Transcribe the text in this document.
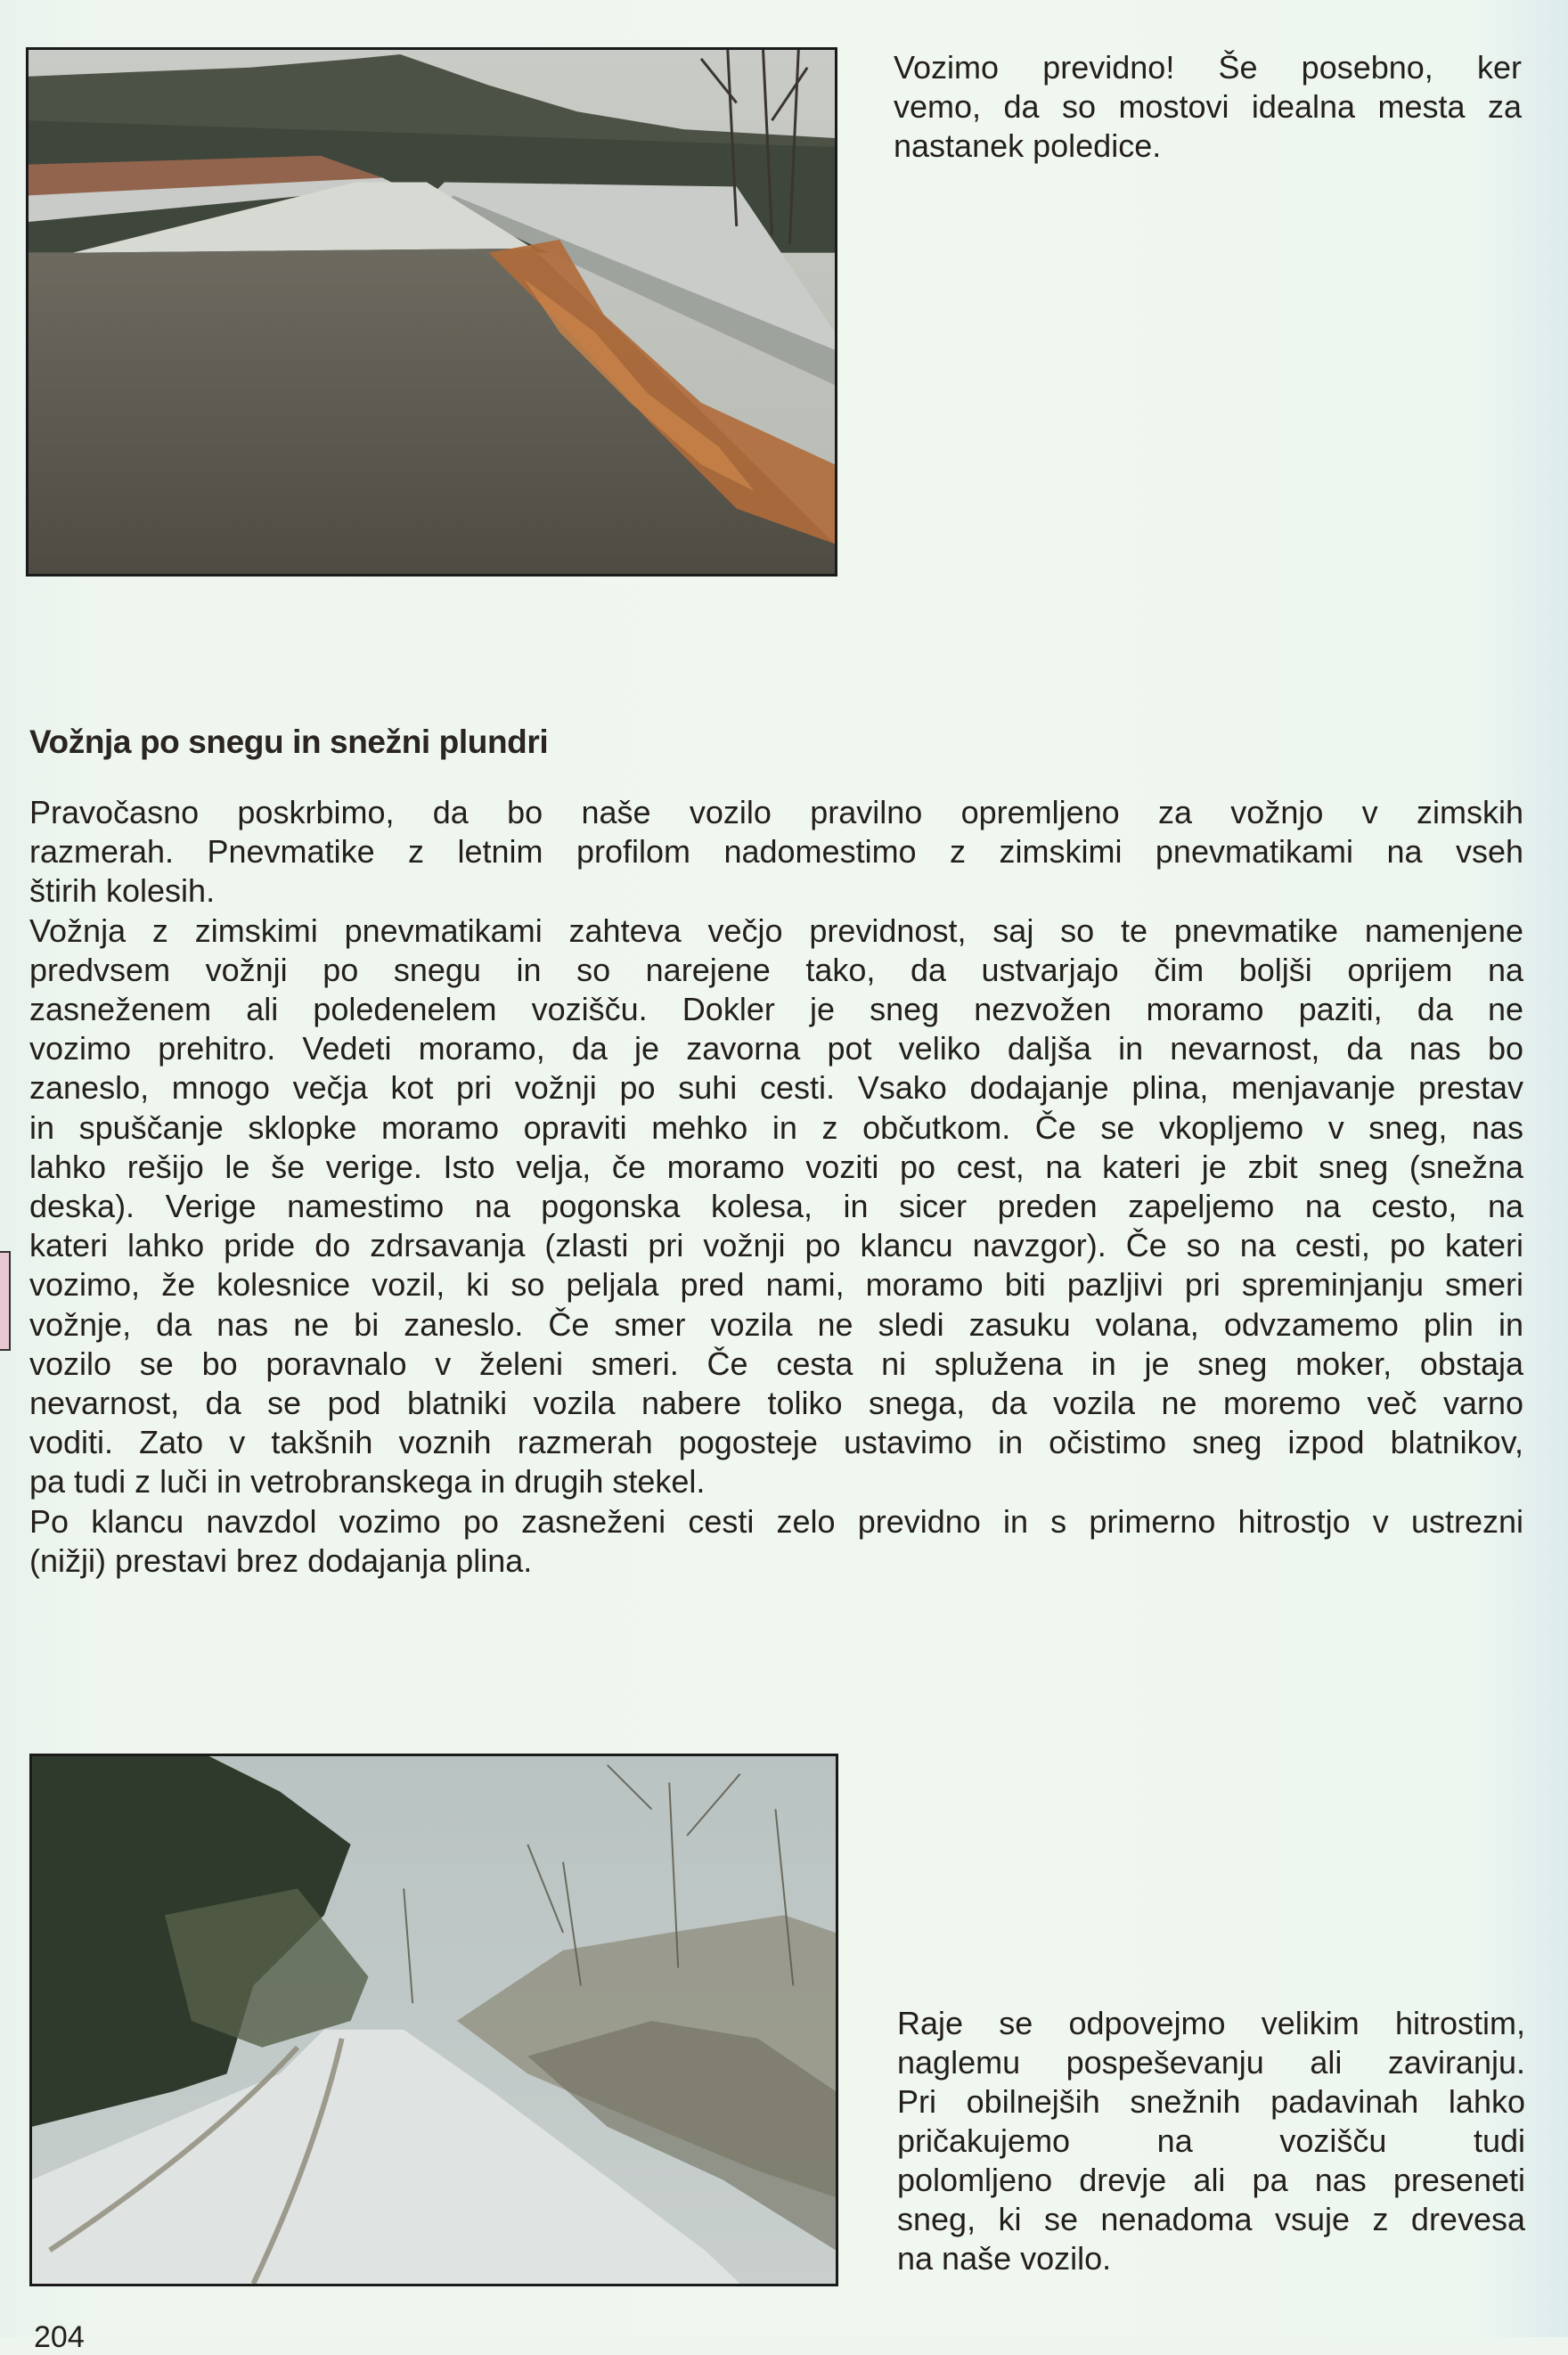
Vozimo previdno! Še posebno, ker
vemo, da so mostovi idealna mesta za
nastanek poledice.
Vožnja po snegu in snežni plundri
Pravočasno poskrbimo, da bo naše vozilo pravilno opremljeno za vožnjo v zimskih
razmerah. Pnevmatike z letnim profilom nadomestimo z zimskimi pnevmatikami na vseh
štirih kolesih.
Vožnja z zimskimi pnevmatikami zahteva večjo previdnost, saj so te pnevmatike namenjene
predvsem vožnji po snegu in so narejene tako, da ustvarjajo čim boljši oprijem na
zasneženem ali poledenelem vozišču. Dokler je sneg nezvožen moramo paziti, da ne
vozimo prehitro. Vedeti moramo, da je zavorna pot veliko daljša in nevarnost, da nas bo
zaneslo, mnogo večja kot pri vožnji po suhi cesti. Vsako dodajanje plina, menjavanje prestav
in spuščanje sklopke moramo opraviti mehko in z občutkom. Če se vkopljemo v sneg, nas
lahko rešijo le še verige. Isto velja, če moramo voziti po cest, na kateri je zbit sneg (snežna
deska). Verige namestimo na pogonska kolesa, in sicer preden zapeljemo na cesto, na
kateri lahko pride do zdrsavanja (zlasti pri vožnji po klancu navzgor). Če so na cesti, po kateri
vozimo, že kolesnice vozil, ki so peljala pred nami, moramo biti pazljivi pri spreminjanju smeri
vožnje, da nas ne bi zaneslo. Če smer vozila ne sledi zasuku volana, odvzamemo plin in
vozilo se bo poravnalo v želeni smeri. Če cesta ni splužena in je sneg moker, obstaja
nevarnost, da se pod blatniki vozila nabere toliko snega, da vozila ne moremo več varno
voditi. Zato v takšnih voznih razmerah pogosteje ustavimo in očistimo sneg izpod blatnikov,
pa tudi z luči in vetrobranskega in drugih stekel.
Po klancu navzdol vozimo po zasneženi cesti zelo previdno in s primerno hitrostjo v ustrezni
(nižji) prestavi brez dodajanja plina.
Raje se odpovejmo velikim hitrostim,
naglemu pospeševanju ali zaviranju.
Pri obilnejših snežnih padavinah lahko
pričakujemo na vozišču tudi
polomljeno drevje ali pa nas preseneti
sneg, ki se nenadoma vsuje z drevesa
na naše vozilo.
204
